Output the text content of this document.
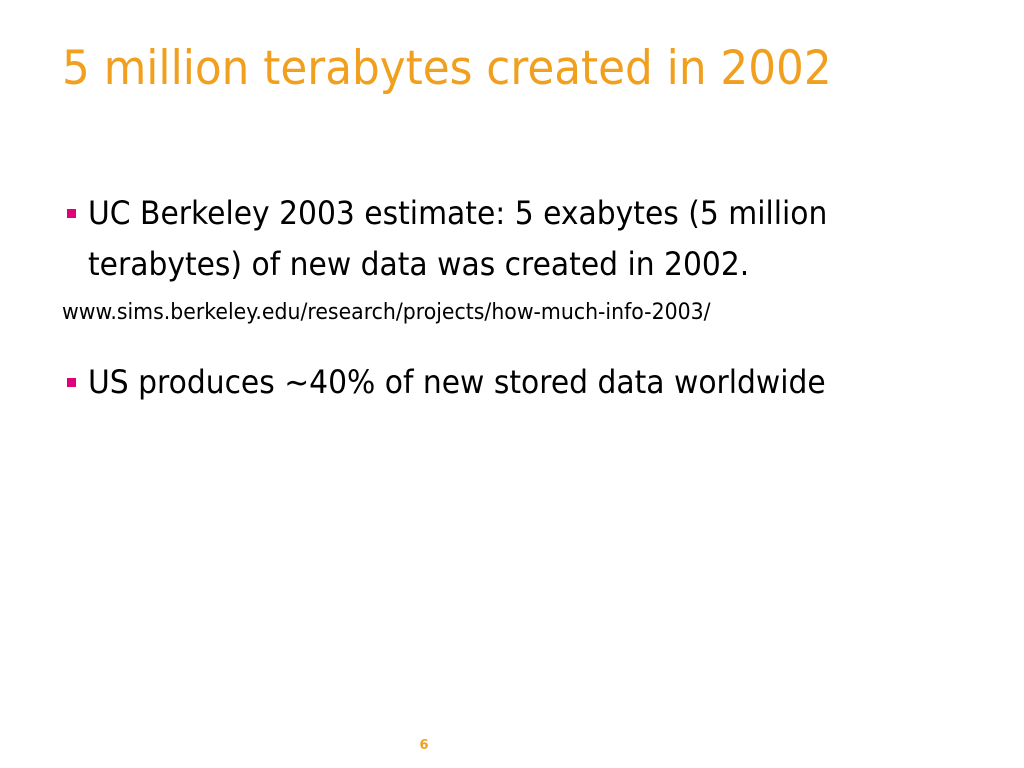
5 million terabytes created in 2002
UC Berkeley 2003 estimate: 5 exabytes (5 million terabytes) of new data was created in 2002.
www.sims.berkeley.edu/research/projects/how-much-info-2003/
US produces ~40% of new stored data worldwide
6
